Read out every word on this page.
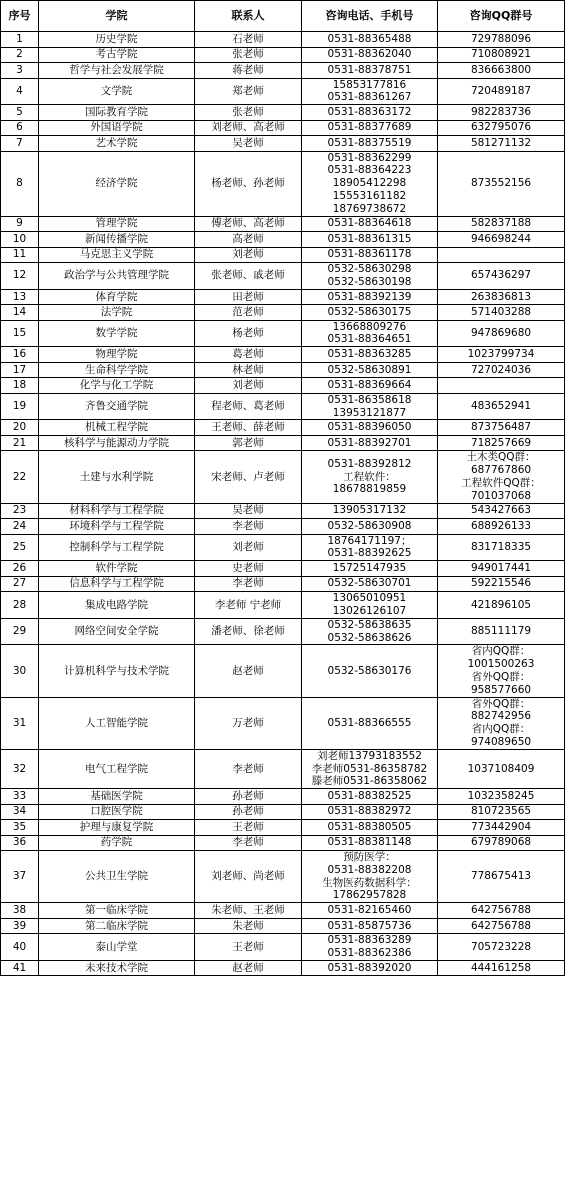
序号	学院	联系人	咨询电话、手机号	咨询QQ群号
1	历史学院	石老师	0531-88365488	729788096

2	考古学院	张老师	0531-88362040	710808921

3	哲学与社会发展学院	蒋老师	0531-88378751	836663800

4	文学院	郑老师	15853177816
0531-88361267	720489187

5	国际教育学院	张老师	0531-88363172	982283736

6	外国语学院	刘老师、高老师	0531-88377689	632795076

7	艺术学院	吴老师	0531-88375519	581271132

8	经济学院	杨老师、孙老师	0531-88362299
0531-88364223
18905412298
15553161182
18769738672	873552156

9	管理学院	傅老师、高老师	0531-88364618	582837188

10	新闻传播学院	高老师	0531-88361315	946698244

11	马克思主义学院	刘老师	0531-88361178	

12	政治学与公共管理学院	张老师、戚老师	0532-58630298
0532-58630198	657436297

13	体育学院	田老师	0531-88392139	263836813

14	法学院	范老师	0532-58630175	571403288

15	数学学院	杨老师	13668809276
0531-88364651	947869680

16	物理学院	葛老师	0531-88363285	1023799734

17	生命科学学院	林老师	0532-58630891	727024036

18	化学与化工学院	刘老师	0531-88369664	

19	齐鲁交通学院	程老师、葛老师	0531-86358618
13953121877	483652941

20	机械工程学院	王老师、薛老师	0531-88396050	873756487

21	核科学与能源动力学院	郭老师	0531-88392701	718257669

22	土建与水利学院	宋老师、卢老师	0531-88392812
工程软件：
18678819859	土木类QQ群：
687767860
工程软件QQ群：
701037068

23	材料科学与工程学院	吴老师	13905317132	543427663

24	环境科学与工程学院	李老师	0532-58630908	688926133

25	控制科学与工程学院	刘老师	18764171197；
0531-88392625	831718335

26	软件学院	史老师	15725147935	949017441

27	信息科学与工程学院	李老师	0532-58630701	592215546

28	集成电路学院	李老师 宁老师	13065010951
13026126107	421896105

29	网络空间安全学院	潘老师、徐老师	0532-58638635
0532-58638626	885111179

30	计算机科学与技术学院	赵老师	0532-58630176	省内QQ群：
1001500263
省外QQ群：
958577660

31	人工智能学院	万老师	0531-88366555	省外QQ群：
882742956
省内QQ群：
974089650

32	电气工程学院	李老师	刘老师13793183552
李老师0531-86358782
滕老师0531-86358062	1037108409

33	基础医学院	孙老师	0531-88382525	1032358245

34	口腔医学院	孙老师	0531-88382972	810723565

35	护理与康复学院	王老师	0531-88380505	773442904

36	药学院	李老师	0531-88381148	679789068

37	公共卫生学院	刘老师、尚老师	预防医学：
0531-88382208
生物医药数据科学：
17862957828	778675413

38	第一临床学院	朱老师、王老师	0531-82165460	642756788

39	第二临床学院	朱老师	0531-85875736	642756788

40	泰山学堂	王老师	0531-88363289
0531-88362386	705723228

41	未来技术学院	赵老师	0531-88392020	444161258
